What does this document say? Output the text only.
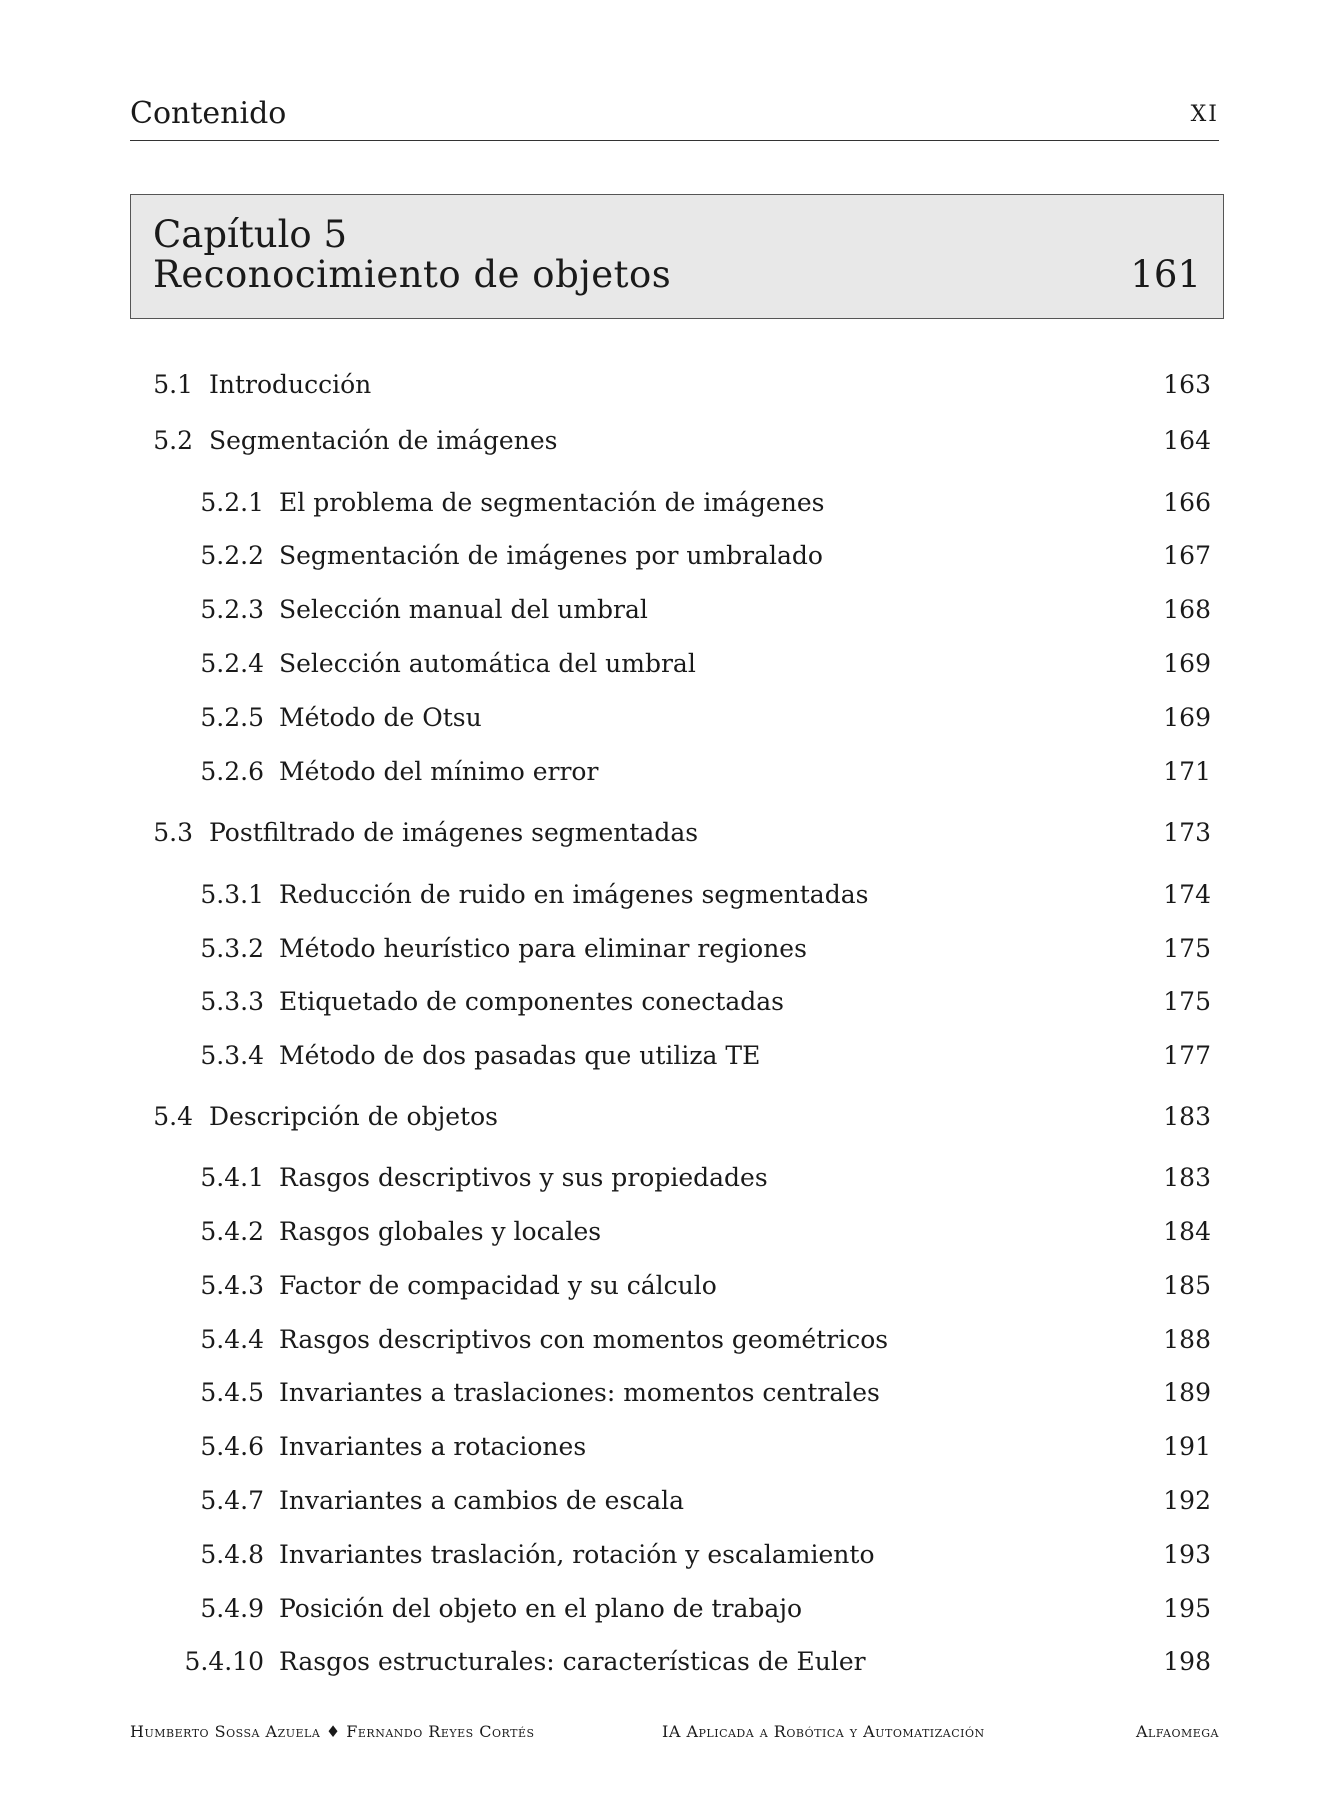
Contenido	XI
Capítulo 5
Reconocimiento de objetos	161
5.1 Introducción	163
5.2 Segmentación de imágenes	164
5.2.1 El problema de segmentación de imágenes	166
5.2.2 Segmentación de imágenes por umbralado	167
5.2.3 Selección manual del umbral	168
5.2.4 Selección automática del umbral	169
5.2.5 Método de Otsu	169
5.2.6 Método del mínimo error	171
5.3 Postfiltrado de imágenes segmentadas	173
5.3.1 Reducción de ruido en imágenes segmentadas	174
5.3.2 Método heurístico para eliminar regiones	175
5.3.3 Etiquetado de componentes conectadas	175
5.3.4 Método de dos pasadas que utiliza TE	177
5.4 Descripción de objetos	183
5.4.1 Rasgos descriptivos y sus propiedades	183
5.4.2 Rasgos globales y locales	184
5.4.3 Factor de compacidad y su cálculo	185
5.4.4 Rasgos descriptivos con momentos geométricos	188
5.4.5 Invariantes a traslaciones: momentos centrales	189
5.4.6 Invariantes a rotaciones	191
5.4.7 Invariantes a cambios de escala	192
5.4.8 Invariantes traslación, rotación y escalamiento	193
5.4.9 Posición del objeto en el plano de trabajo	195
5.4.10 Rasgos estructurales: características de Euler	198
Humberto Sossa Azuela ♦ Fernando Reyes Cortés	IA Aplicada a Robótica y Automatización	Alfaomega
